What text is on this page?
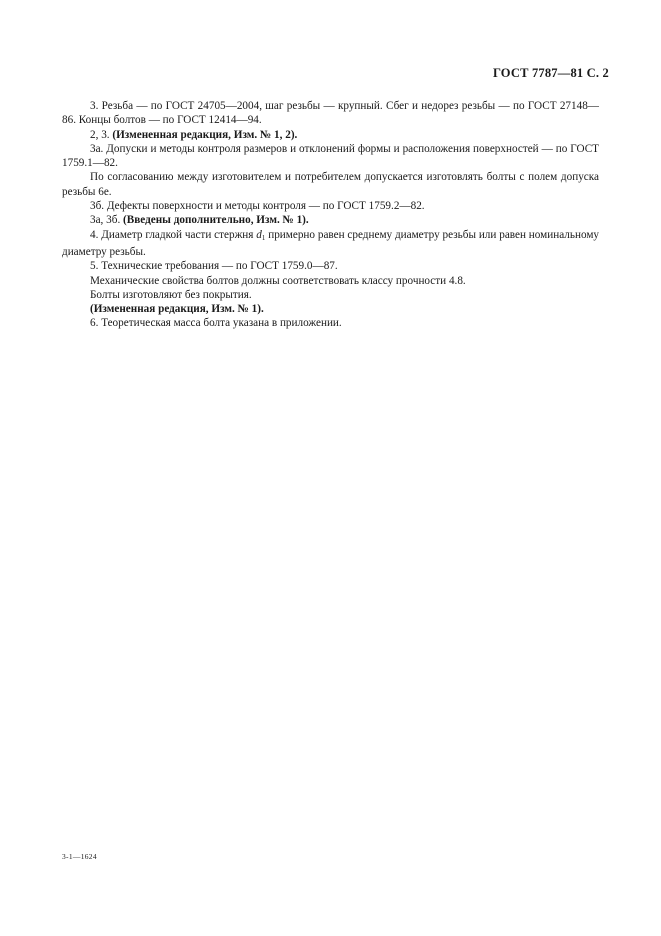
ГОСТ 7787—81 С. 2

3. Резьба — по ГОСТ 24705—2004, шаг резьбы — крупный. Сбег и недорез резьбы — по ГОСТ 27148—86. Концы болтов — по ГОСТ 12414—94.

2, 3. (Измененная редакция, Изм. № 1, 2).

3а. Допуски и методы контроля размеров и отклонений формы и расположения поверхностей — по ГОСТ 1759.1—82.

По согласованию между изготовителем и потребителем допускается изготовлять болты с полем допуска резьбы 6е.

3б. Дефекты поверхности и методы контроля — по ГОСТ 1759.2—82.

3а, 3б. (Введены дополнительно, Изм. № 1).

4. Диаметр гладкой части стержня $d_1$ примерно равен среднему диаметру резьбы или равен номинальному диаметру резьбы.

5. Технические требования — по ГОСТ 1759.0—87.

Механические свойства болтов должны соответствовать классу прочности 4.8.

Болты изготовляют без покрытия.

(Измененная редакция, Изм. № 1).

6. Теоретическая масса болта указана в приложении.

3-1—1624
